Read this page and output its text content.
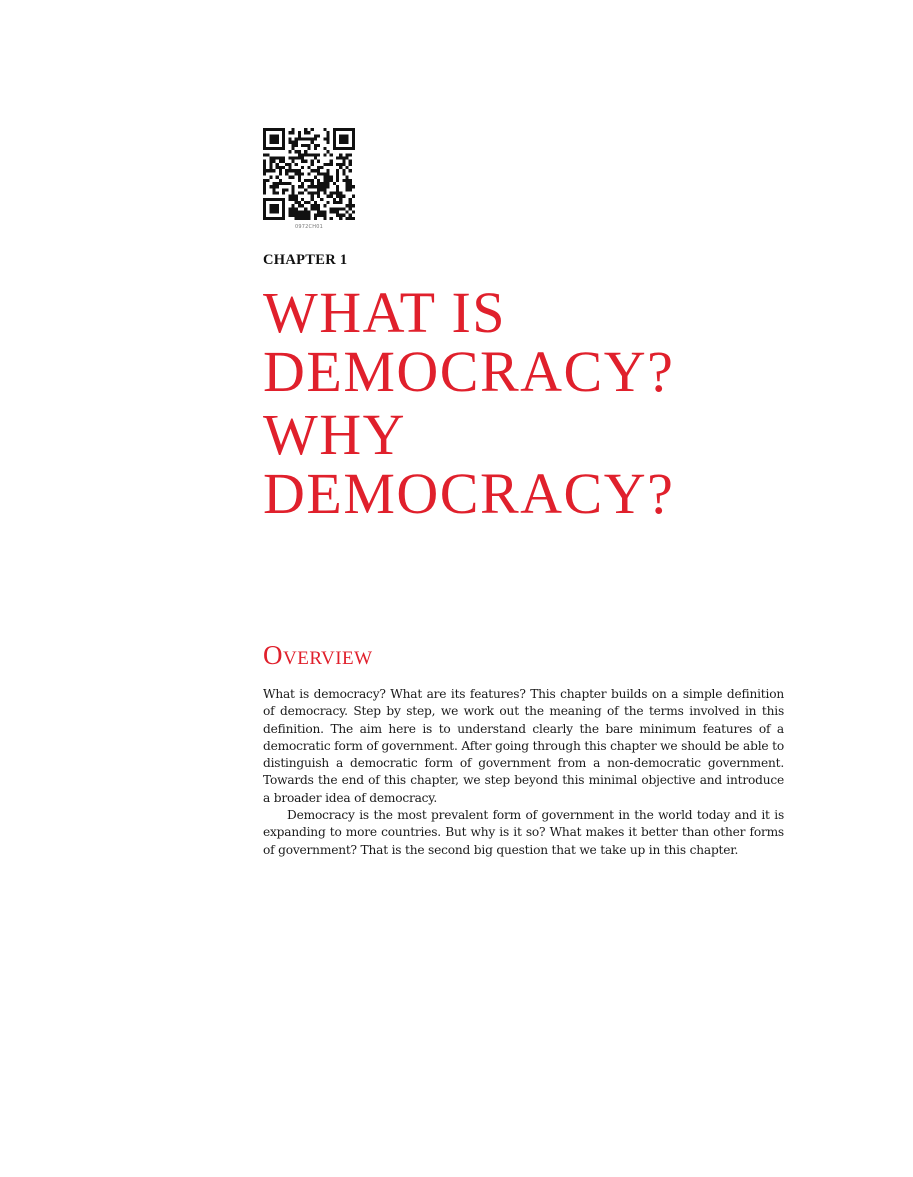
0972CH01
CHAPTER 1
WHAT IS
DEMOCRACY?
WHY
DEMOCRACY?
Overview

What is democracy? What are its features? This chapter builds on a simple definition of democracy. Step by step, we work out the meaning of the terms involved in this definition. The aim here is to understand clearly the bare minimum features of a democratic form of government. After going through this chapter we should be able to distinguish a democratic form of government from a non-democratic government. Towards the end of this chapter, we step beyond this minimal objective and introduce a broader idea of democracy.

Democracy is the most prevalent form of government in the world today and it is expanding to more countries. But why is it so? What makes it better than other forms of government? That is the second big question that we take up in this chapter.
